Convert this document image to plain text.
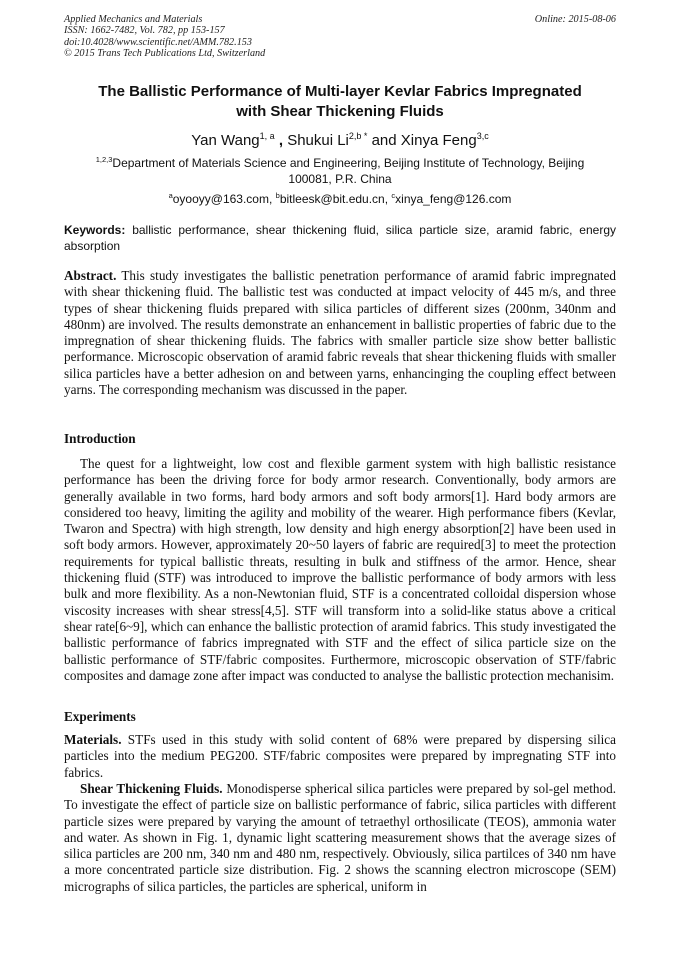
Applied Mechanics and Materials
ISSN: 1662-7482, Vol. 782, pp 153-157
doi:10.4028/www.scientific.net/AMM.782.153
© 2015 Trans Tech Publications Ltd, Switzerland
Online: 2015-08-06
The Ballistic Performance of Multi-layer Kevlar Fabrics Impregnated
with Shear Thickening Fluids
Yan Wang$^{1, a}$ , Shukui $Li^{2,b *}$ and Xinya Feng$^{3,c}$
$^{1,2,3}$Department of Materials Science and Engineering, Beijing Institute of Technology, Beijing
100081, P.R. China
$^a$oyooyy@163.com, $^b$bitleesk@bit.edu.cn, $^c$xinya_feng@126.com
Keywords: ballistic performance, shear thickening fluid, silica particle size, aramid fabric, energy absorption
Abstract. This study investigates the ballistic penetration performance of aramid fabric impregnated with shear thickening fluid. The ballistic test was conducted at impact velocity of 445 m/s, and three types of shear thickening fluids prepared with silica particles of different sizes (200nm, 340nm and 480nm) are involved. The results demonstrate an enhancement in ballistic properties of fabric due to the impregnation of shear thickening fluids. The fabrics with smaller particle size show better ballistic performance. Microscopic observation of aramid fabric reveals that shear thickening fluids with smaller silica particles have a better adhesion on and between yarns, enhancinging the coupling effect between yarns. The corresponding mechanism was discussed in the paper.
Introduction
The quest for a lightweight, low cost and flexible garment system with high ballistic resistance performance has been the driving force for body armor research. Conventionally, body armors are generally available in two forms, hard body armors and soft body armors[1]. Hard body armors are considered too heavy, limiting the agility and mobility of the wearer. High performance fibers (Kevlar, Twaron and Spectra) with high strength, low density and high energy absorption[2] have been used in soft body armors. However, approximately 20~50 layers of fabric are required[3] to meet the protection requirements for typical ballistic threats, resulting in bulk and stiffness of the armor. Hence, shear thickening fluid (STF) was introduced to improve the ballistic performance of body armors with less bulk and more flexibility. As a non-Newtonian fluid, STF is a concentrated colloidal dispersion whose viscosity increases with shear stress[4,5]. STF will transform into a solid-like status above a critical shear rate[6~9], which can enhance the ballistic protection of aramid fabrics. This study investigated the ballistic performance of fabrics impregnated with STF and the effect of silica particle size on the ballistic performance of STF/fabric composites. Furthermore, microscopic observation of STF/fabric composites and damage zone after impact was conducted to analyse the ballistic protection mechanisim.
Experiments
Materials. STFs used in this study with solid content of 68% were prepared by dispersing silica particles into the medium PEG200. STF/fabric composites were prepared by impregnating STF into fabrics.
Shear Thickening Fluids. Monodisperse spherical silica particles were prepared by sol-gel method. To investigate the effect of particle size on ballistic performance of fabric, silica particles with different particle sizes were prepared by varying the amount of tetraethyl orthosilicate (TEOS), ammonia water and water. As shown in Fig. 1, dynamic light scattering measurement shows that the average sizes of silica particles are 200 nm, 340 nm and 480 nm, respectively. Obviously, silica partilces of 340 nm have a more concentrated particle size distribution. Fig. 2 shows the scanning electron microscope (SEM) micrographs of silica particles, the particles are spherical, uniform in
